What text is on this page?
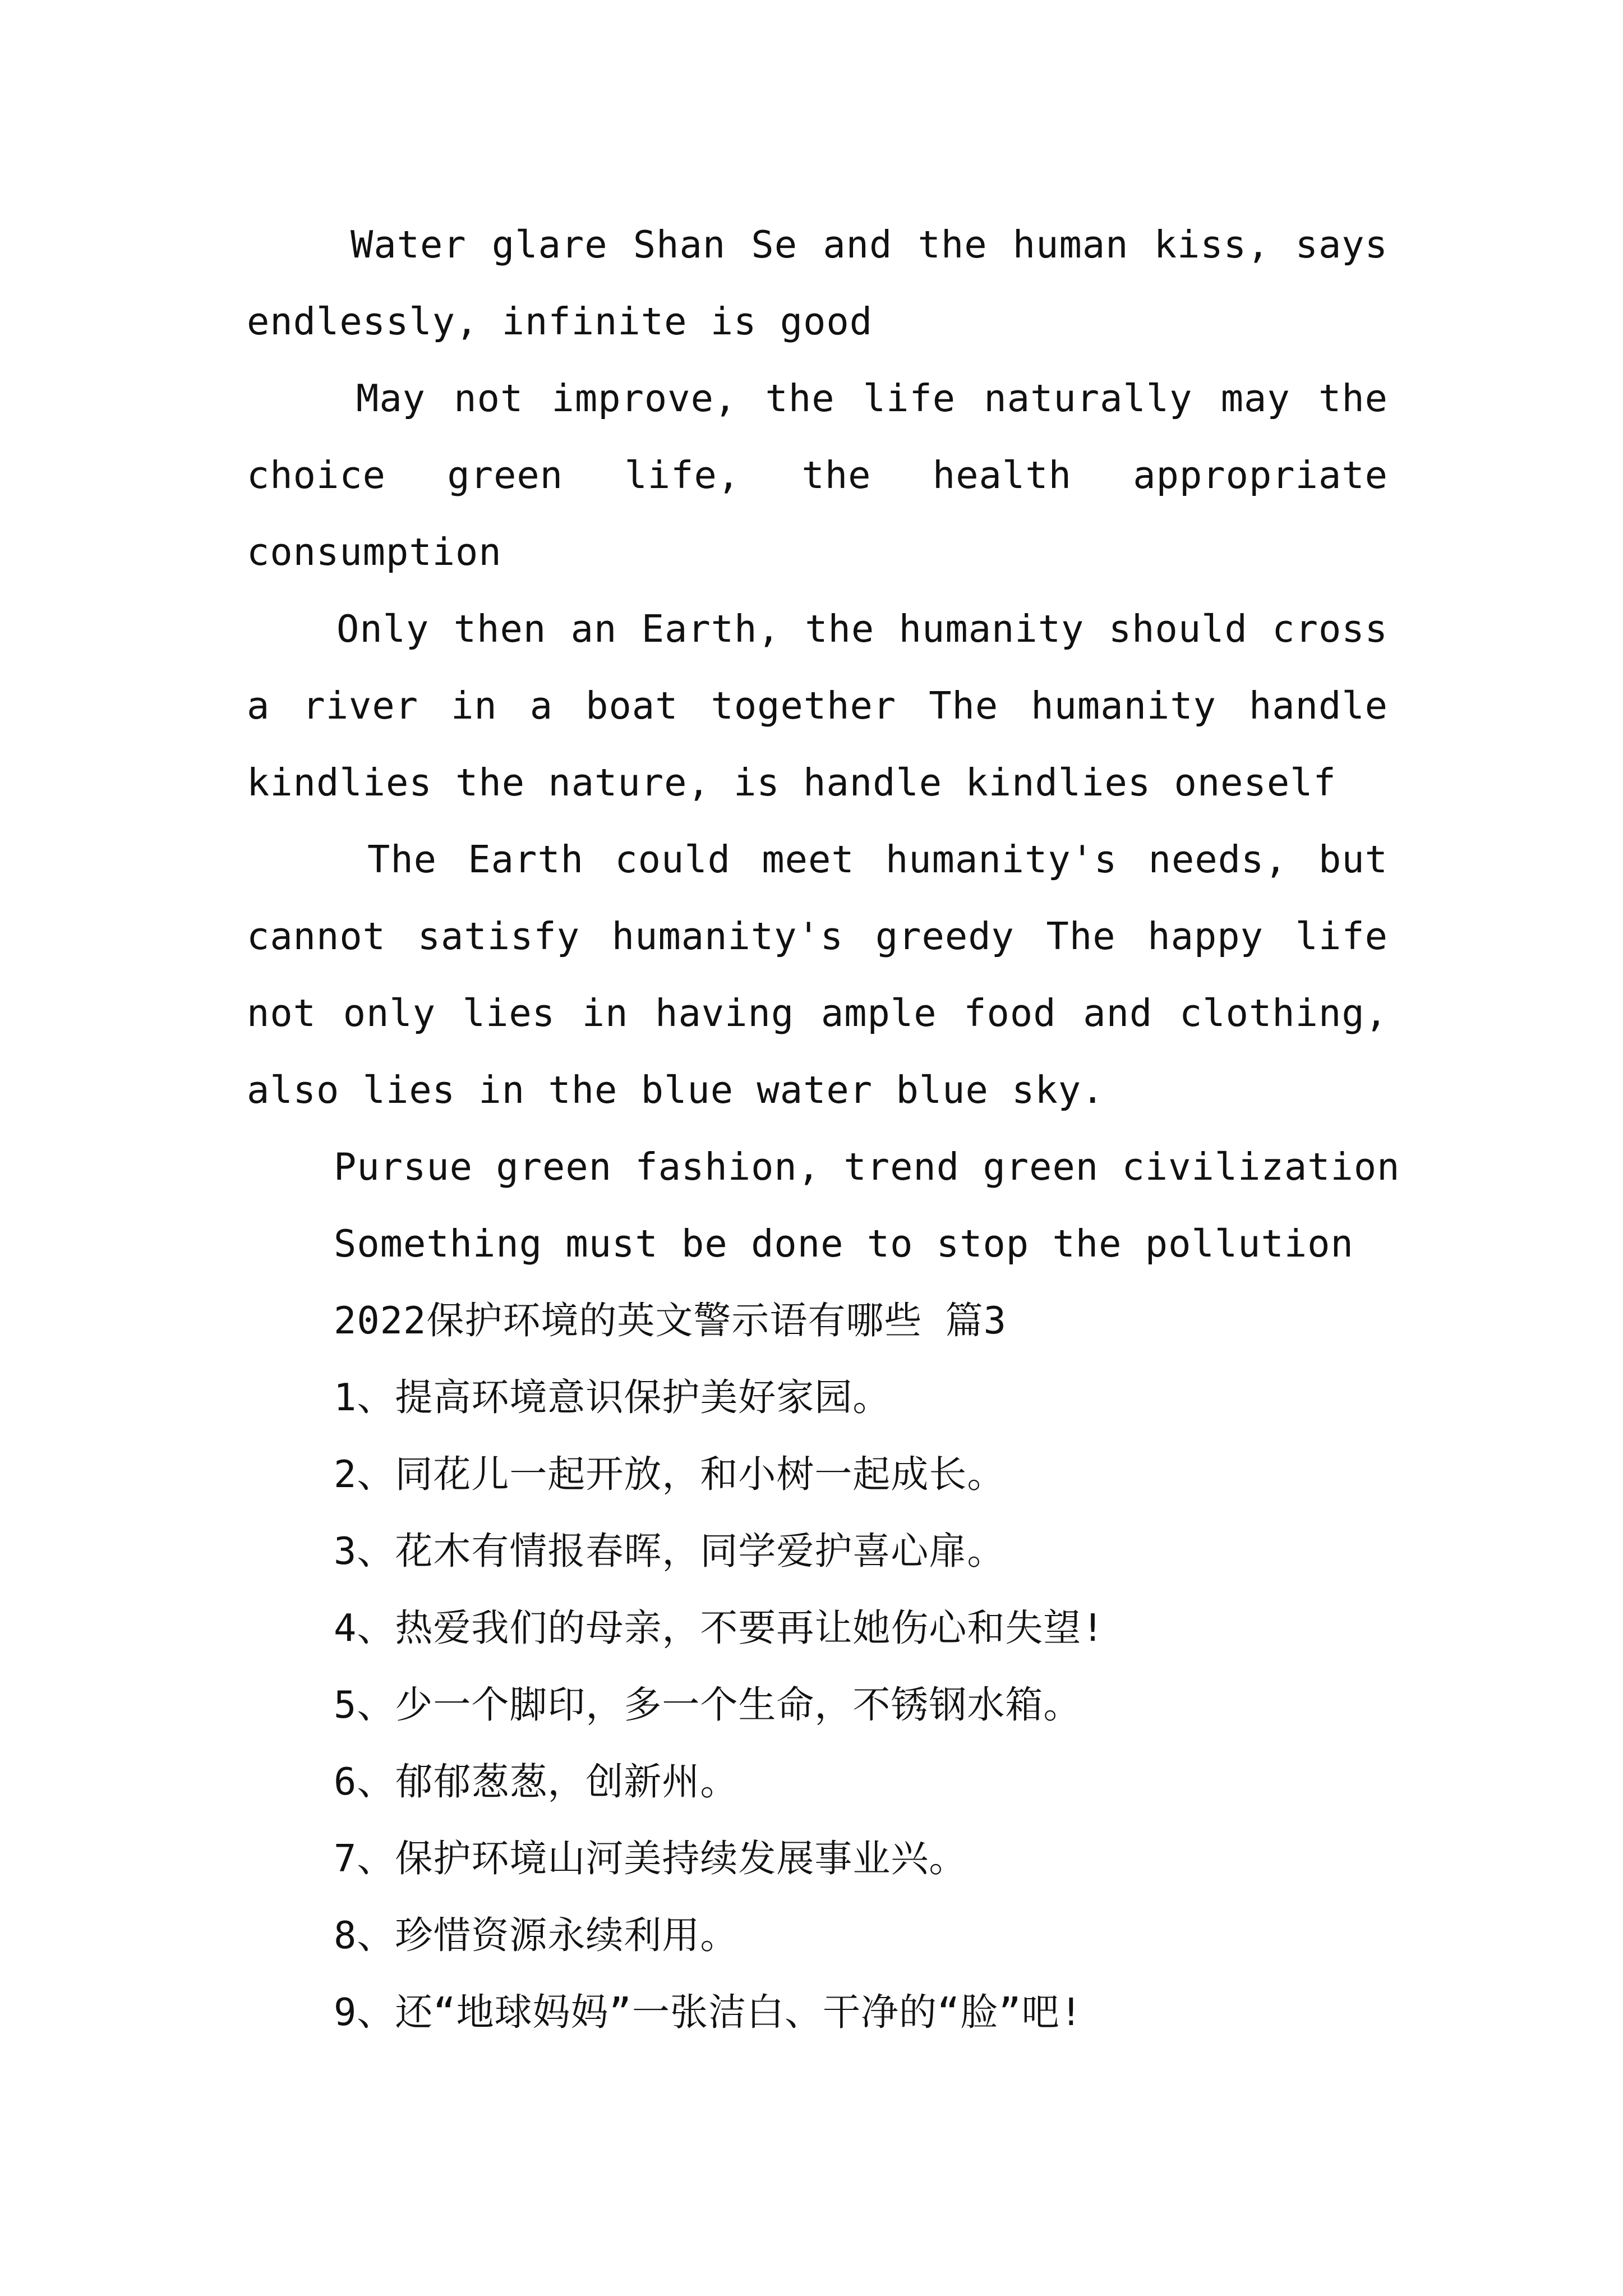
Water glare Shan Se and the human kiss, says endlessly, infinite is good

May not improve, the life naturally may the choice green life, the health appropriate consumption

Only then an Earth, the humanity should cross a river in a boat together The humanity handle kindlies the nature, is handle kindlies oneself

The Earth could meet humanity's needs, but cannot satisfy humanity's greedy The happy life not only lies in having ample food and clothing, also lies in the blue water blue sky.

Pursue green fashion, trend green civilization

Something must be done to stop the pollution

2022保护环境的英文警示语有哪些 篇3

1、提高环境意识保护美好家园。

2、同花儿一起开放，和小树一起成长。

3、花木有情报春晖，同学爱护喜心扉。

4、热爱我们的母亲，不要再让她伤心和失望!

5、少一个脚印，多一个生命，不锈钢水箱。

6、郁郁葱葱，创新州。

7、保护环境山河美持续发展事业兴。

8、珍惜资源永续利用。

9、还“地球妈妈”一张洁白、干净的“脸”吧!
